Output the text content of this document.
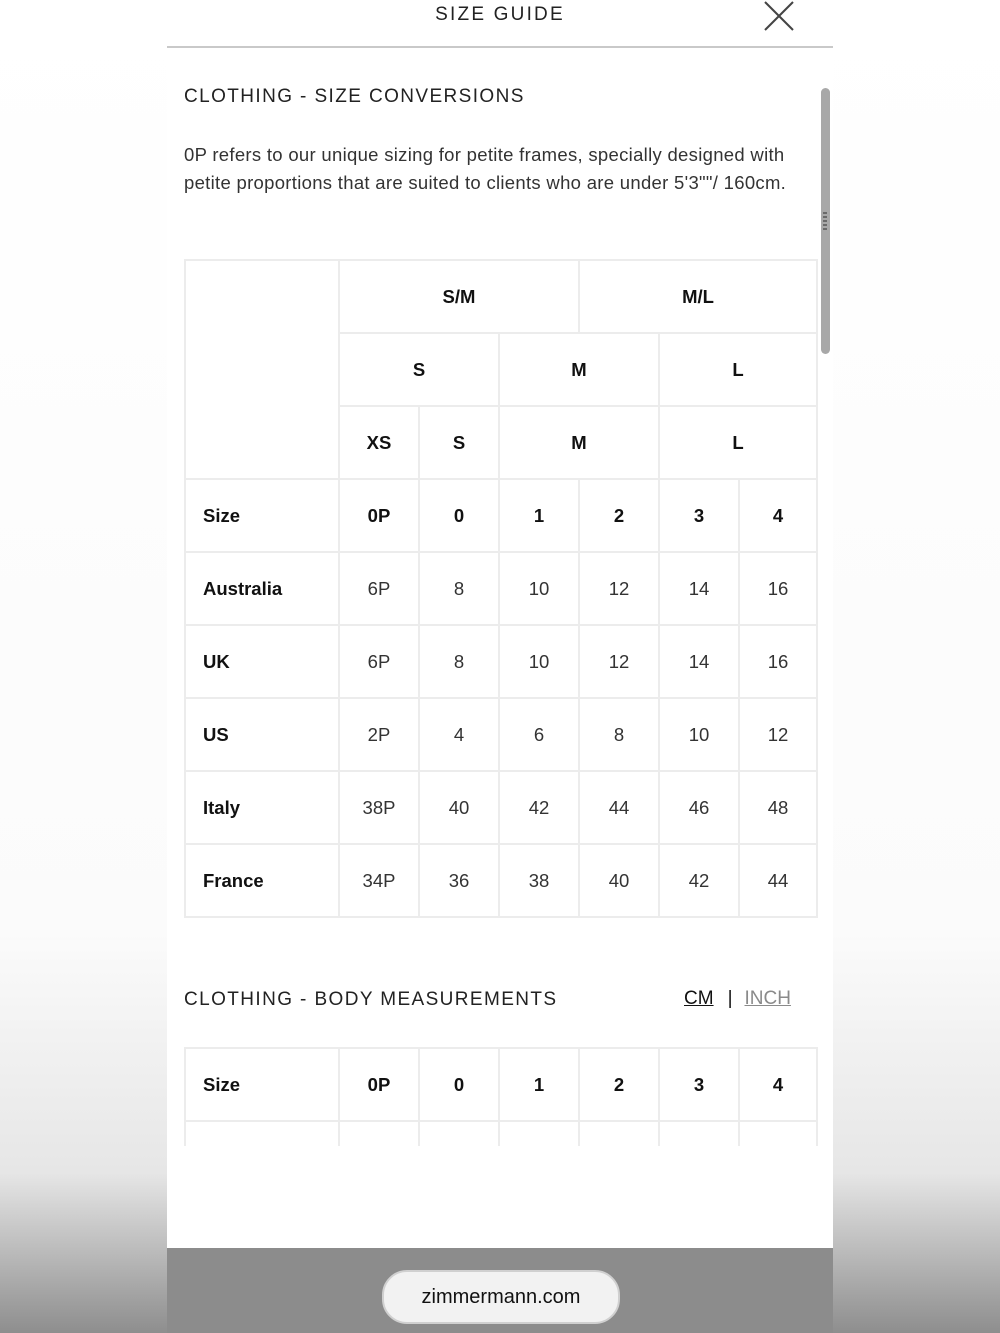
SIZE GUIDE
CLOTHING - SIZE CONVERSIONS
0P refers to our unique sizing for petite frames, specially designed with petite proportions that are suited to clients who are under 5'3""/ 160cm.
	S/M			M/L		
	S		M		L	
	XS	S	M		L	
Size	0P	0	1	2	3	4
Australia	6P	8	10	12	14	16
UK	6P	8	10	12	14	16
US	2P	4	6	8	10	12
Italy	38P	40	42	44	46	48
France	34P	36	38	40	42	44
CLOTHING - BODY MEASUREMENTS	CM | INCH
Size	0P	0	1	2	3	4

zimmermann.com
